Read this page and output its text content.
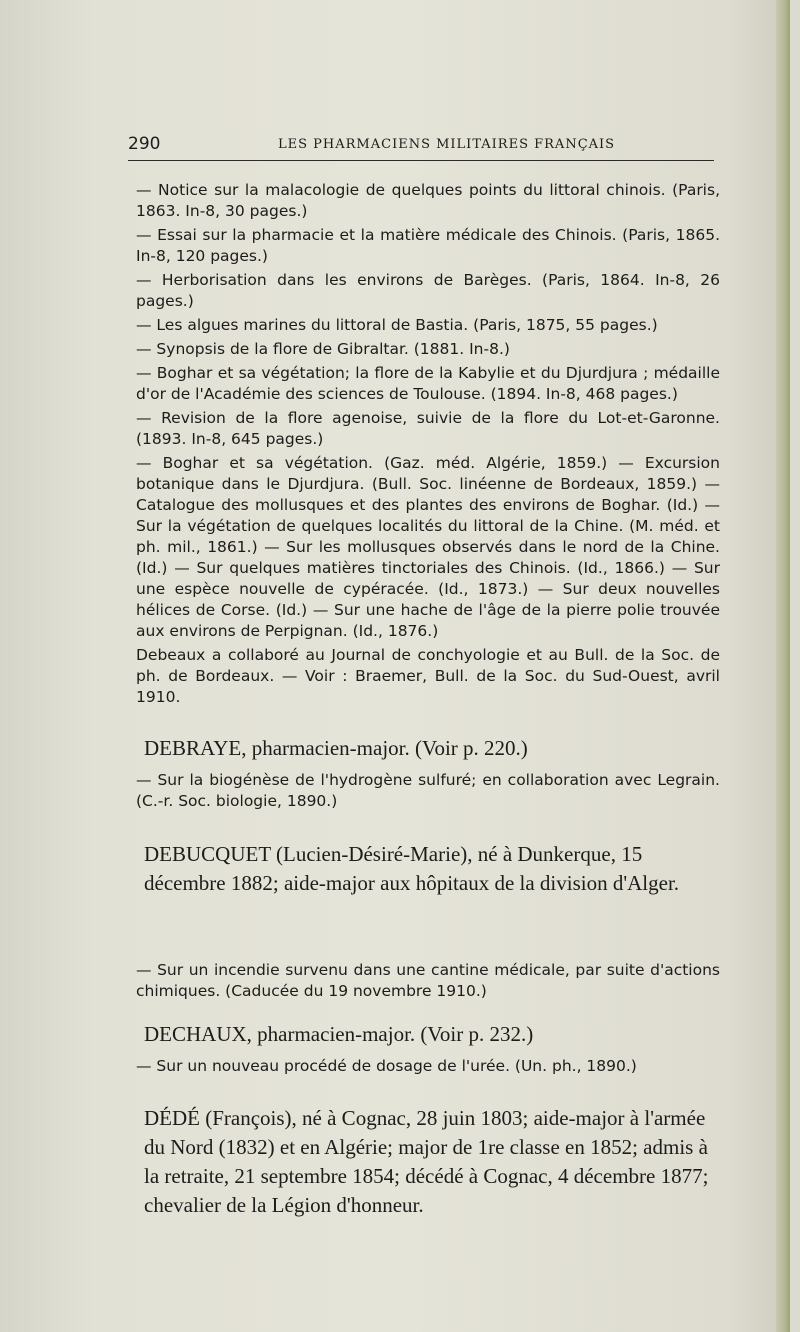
290	LES PHARMACIENS MILITAIRES FRANÇAIS

— Notice sur la malacologie de quelques points du littoral chinois. (Paris, 1863. In-8, 30 pages.)

— Essai sur la pharmacie et la matière médicale des Chinois. (Paris, 1865. In-8, 120 pages.)

— Herborisation dans les environs de Barèges. (Paris, 1864. In-8, 26 pages.)

— Les algues marines du littoral de Bastia. (Paris, 1875, 55 pages.)

— Synopsis de la flore de Gibraltar. (1881. In-8.)

— Boghar et sa végétation; la flore de la Kabylie et du Djurdjura ; médaille d'or de l'Académie des sciences de Toulouse. (1894. In-8, 468 pages.)

— Revision de la flore agenoise, suivie de la flore du Lot-et-Garonne. (1893. In-8, 645 pages.)

— Boghar et sa végétation. (Gaz. méd. Algérie, 1859.) — Excursion botanique dans le Djurdjura. (Bull. Soc. linéenne de Bordeaux, 1859.) — Catalogue des mollusques et des plantes des environs de Boghar. (Id.) — Sur la végétation de quelques localités du littoral de la Chine. (M. méd. et ph. mil., 1861.) — Sur les mollusques observés dans le nord de la Chine. (Id.) — Sur quelques matières tinctoriales des Chinois. (Id., 1866.) — Sur une espèce nouvelle de cypéracée. (Id., 1873.) — Sur deux nouvelles hélices de Corse. (Id.) — Sur une hache de l'âge de la pierre polie trouvée aux environs de Perpignan. (Id., 1876.)

Debeaux a collaboré au Journal de conchyologie et au Bull. de la Soc. de ph. de Bordeaux. — Voir : Braemer, Bull. de la Soc. du Sud-Ouest, avril 1910.

DEBRAYE, pharmacien-major. (Voir p. 220.)

— Sur la biogénèse de l'hydrogène sulfuré; en collaboration avec Legrain. (C.-r. Soc. biologie, 1890.)

DEBUCQUET (Lucien-Désiré-Marie), né à Dunkerque, 15 décembre 1882; aide-major aux hôpitaux de la division d'Alger.

— Sur un incendie survenu dans une cantine médicale, par suite d'actions chimiques. (Caducée du 19 novembre 1910.)

DECHAUX, pharmacien-major. (Voir p. 232.)

— Sur un nouveau procédé de dosage de l'urée. (Un. ph., 1890.)

DÉDÉ (François), né à Cognac, 28 juin 1803; aide-major à l'armée du Nord (1832) et en Algérie; major de 1re classe en 1852; admis à la retraite, 21 septembre 1854; décédé à Cognac, 4 décembre 1877; chevalier de la Légion d'honneur.
